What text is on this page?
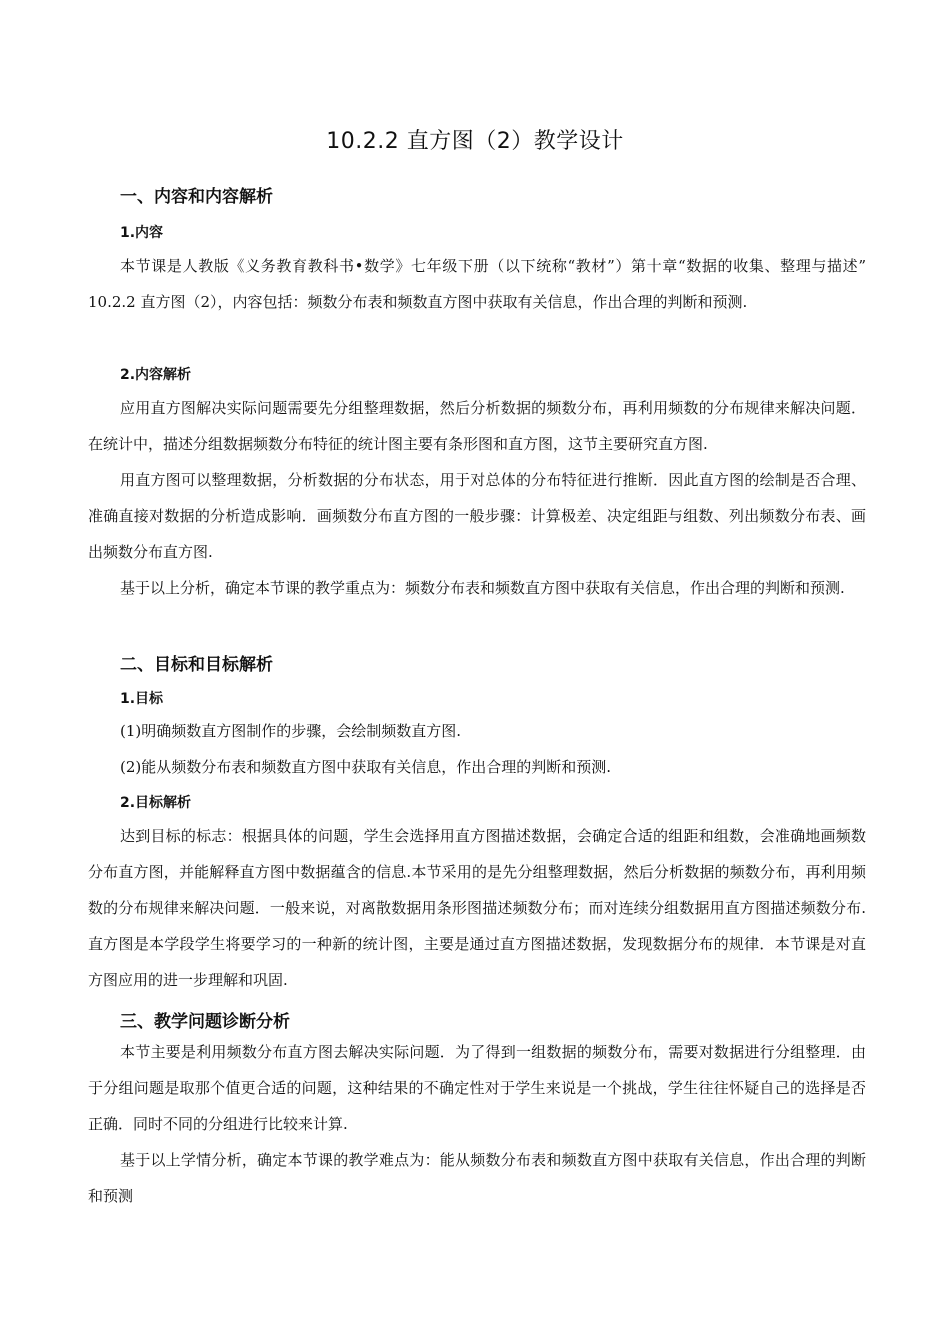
10.2.2 直方图（2）教学设计
一、内容和内容解析
1.内容
本节课是人教版《义务教育教科书•数学》七年级下册（以下统称“教材”）第十章“数据的收集、整理与描述” 10.2.2 直方图（2），内容包括：频数分布表和频数直方图中获取有关信息，作出合理的判断和预测.
2.内容解析
应用直方图解决实际问题需要先分组整理数据，然后分析数据的频数分布，再利用频数的分布规律来解决问题．在统计中，描述分组数据频数分布特征的统计图主要有条形图和直方图，这节主要研究直方图.
用直方图可以整理数据，分析数据的分布状态，用于对总体的分布特征进行推断．因此直方图的绘制是否合理、准确直接对数据的分析造成影响．画频数分布直方图的一般步骤：计算极差、决定组距与组数、列出频数分布表、画出频数分布直方图.
基于以上分析，确定本节课的教学重点为：频数分布表和频数直方图中获取有关信息，作出合理的判断和预测.
二、目标和目标解析
1.目标
(1)明确频数直方图制作的步骤，会绘制频数直方图.
(2)能从频数分布表和频数直方图中获取有关信息，作出合理的判断和预测.
2.目标解析
达到目标的标志：根据具体的问题，学生会选择用直方图描述数据，会确定合适的组距和组数，会准确地画频数分布直方图，并能解释直方图中数据蕴含的信息.本节采用的是先分组整理数据，然后分析数据的频数分布，再利用频数的分布规律来解决问题．一般来说，对离散数据用条形图描述频数分布；而对连续分组数据用直方图描述频数分布.直方图是本学段学生将要学习的一种新的统计图，主要是通过直方图描述数据，发现数据分布的规律．本节课是对直方图应用的进一步理解和巩固.
三、教学问题诊断分析
本节主要是利用频数分布直方图去解决实际问题．为了得到一组数据的频数分布，需要对数据进行分组整理．由于分组问题是取那个值更合适的问题，这种结果的不确定性对于学生来说是一个挑战，学生往往怀疑自己的选择是否正确．同时不同的分组进行比较来计算.
基于以上学情分析，确定本节课的教学难点为：能从频数分布表和频数直方图中获取有关信息，作出合理的判断和预测
